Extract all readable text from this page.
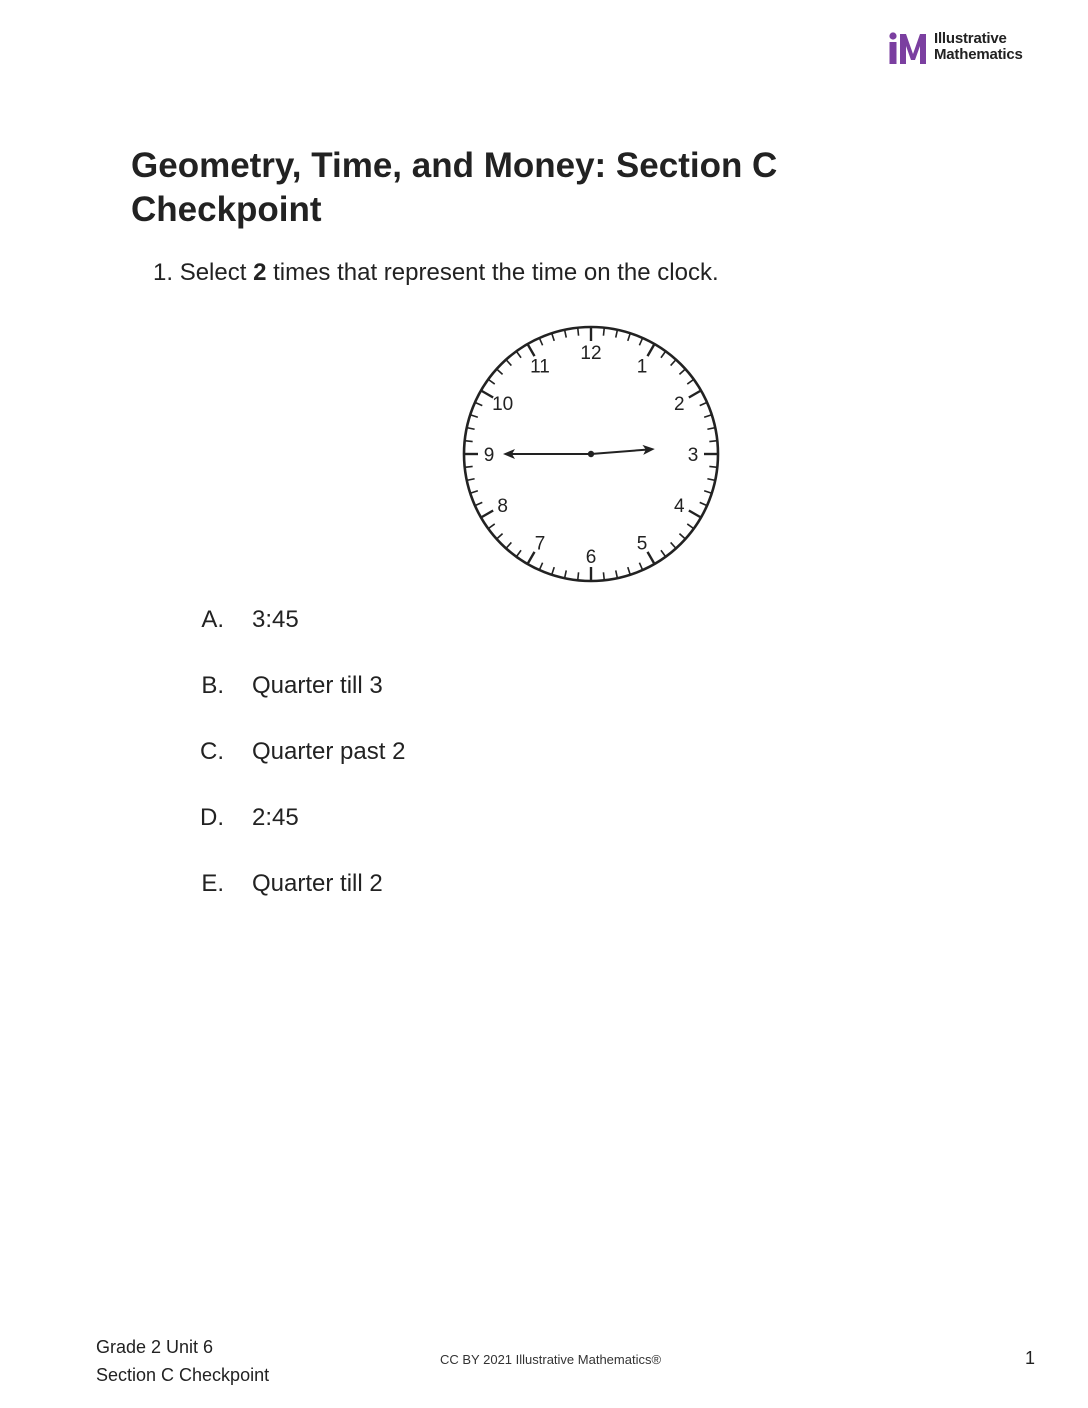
Illustrative
Mathematics
Geometry, Time, and Money: Section C Checkpoint
1. Select 2 times that represent the time on the clock.
12
1
2
3
4
5
6
7
8
9
10
11
A. 3:45
B. Quarter till 3
C. Quarter past 2
D. 2:45
E. Quarter till 2
Grade 2 Unit 6
Section C Checkpoint
CC BY 2021 Illustrative Mathematics®	1
